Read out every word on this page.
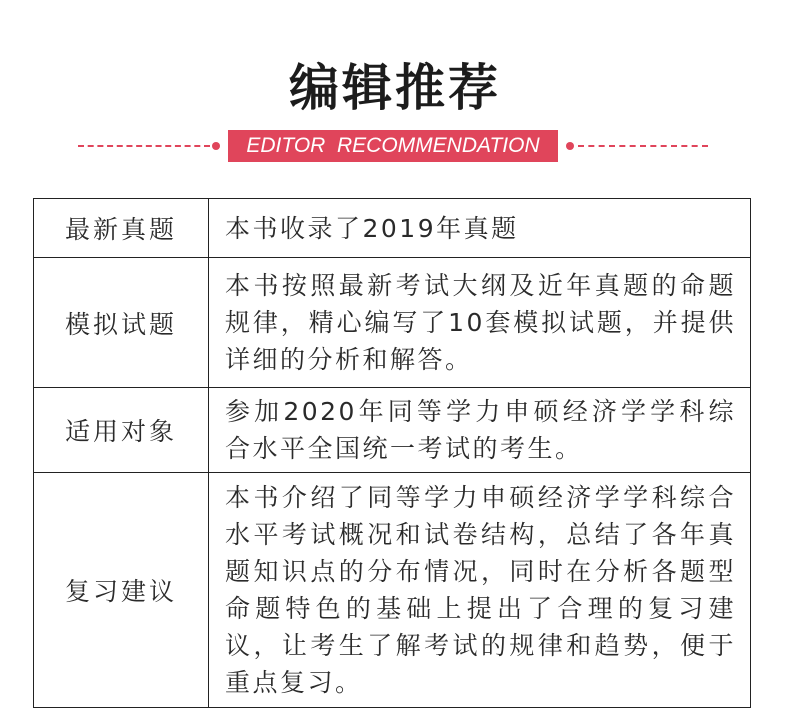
编辑推荐
EDITOR  RECOMMENDATION
最新真题	本书收录了2019年真题
模拟试题	本书按照最新考试大纲及近年真题的命题规律，精心编写了10套模拟试题，并提供详细的分析和解答。
适用对象	参加2020年同等学力申硕经济学学科综合水平全国统一考试的考生。
复习建议	本书介绍了同等学力申硕经济学学科综合水平考试概况和试卷结构，总结了各年真题知识点的分布情况，同时在分析各题型命题特色的基础上提出了合理的复习建议，让考生了解考试的规律和趋势，便于重点复习。
